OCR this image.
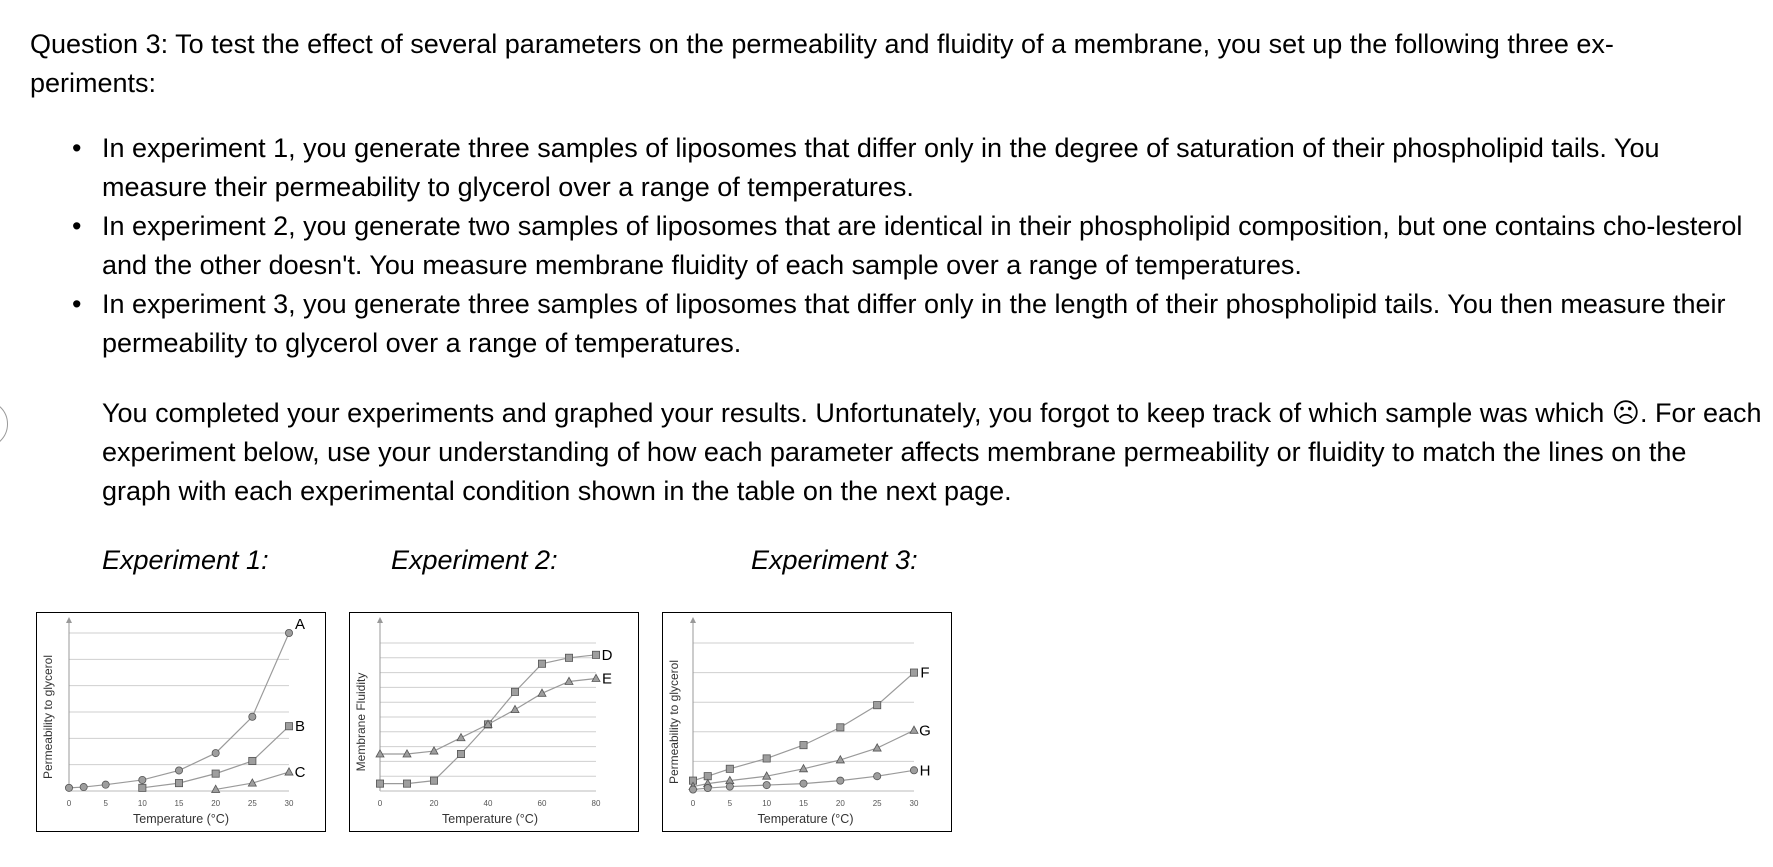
Question 3: To test the effect of several parameters on the permeability and fluidity of a membrane, you set up the following three ex-periments:
• In experiment 1, you generate three samples of liposomes that differ only in the degree of saturation of their phospholipid tails. You measure their permeability to glycerol over a range of temperatures.
• In experiment 2, you generate two samples of liposomes that are identical in their phospholipid composition, but one contains cho-lesterol and the other doesn't. You measure membrane fluidity of each sample over a range of temperatures.
• In experiment 3, you generate three samples of liposomes that differ only in the length of their phospholipid tails. You then measure their permeability to glycerol over a range of temperatures.
You completed your experiments and graphed your results. Unfortunately, you forgot to keep track of which sample was which ☹. For each experiment below, use your understanding of how each parameter affects membrane permeability or fluidity to match the lines on the graph with each experimental condition shown in the table on the next page.
Experiment 1:	Experiment 2:	Experiment 3:
0	5	10	15	20	25	30
Temperature (°C)
Permeability to glycerol
A
B
C
0	20	40	60	80
Temperature (°C)
Membrane Fluidity
D
E
0	5	10	15	20	25	30
Temperature (°C)
Permeability to glycerol	F
G
H
